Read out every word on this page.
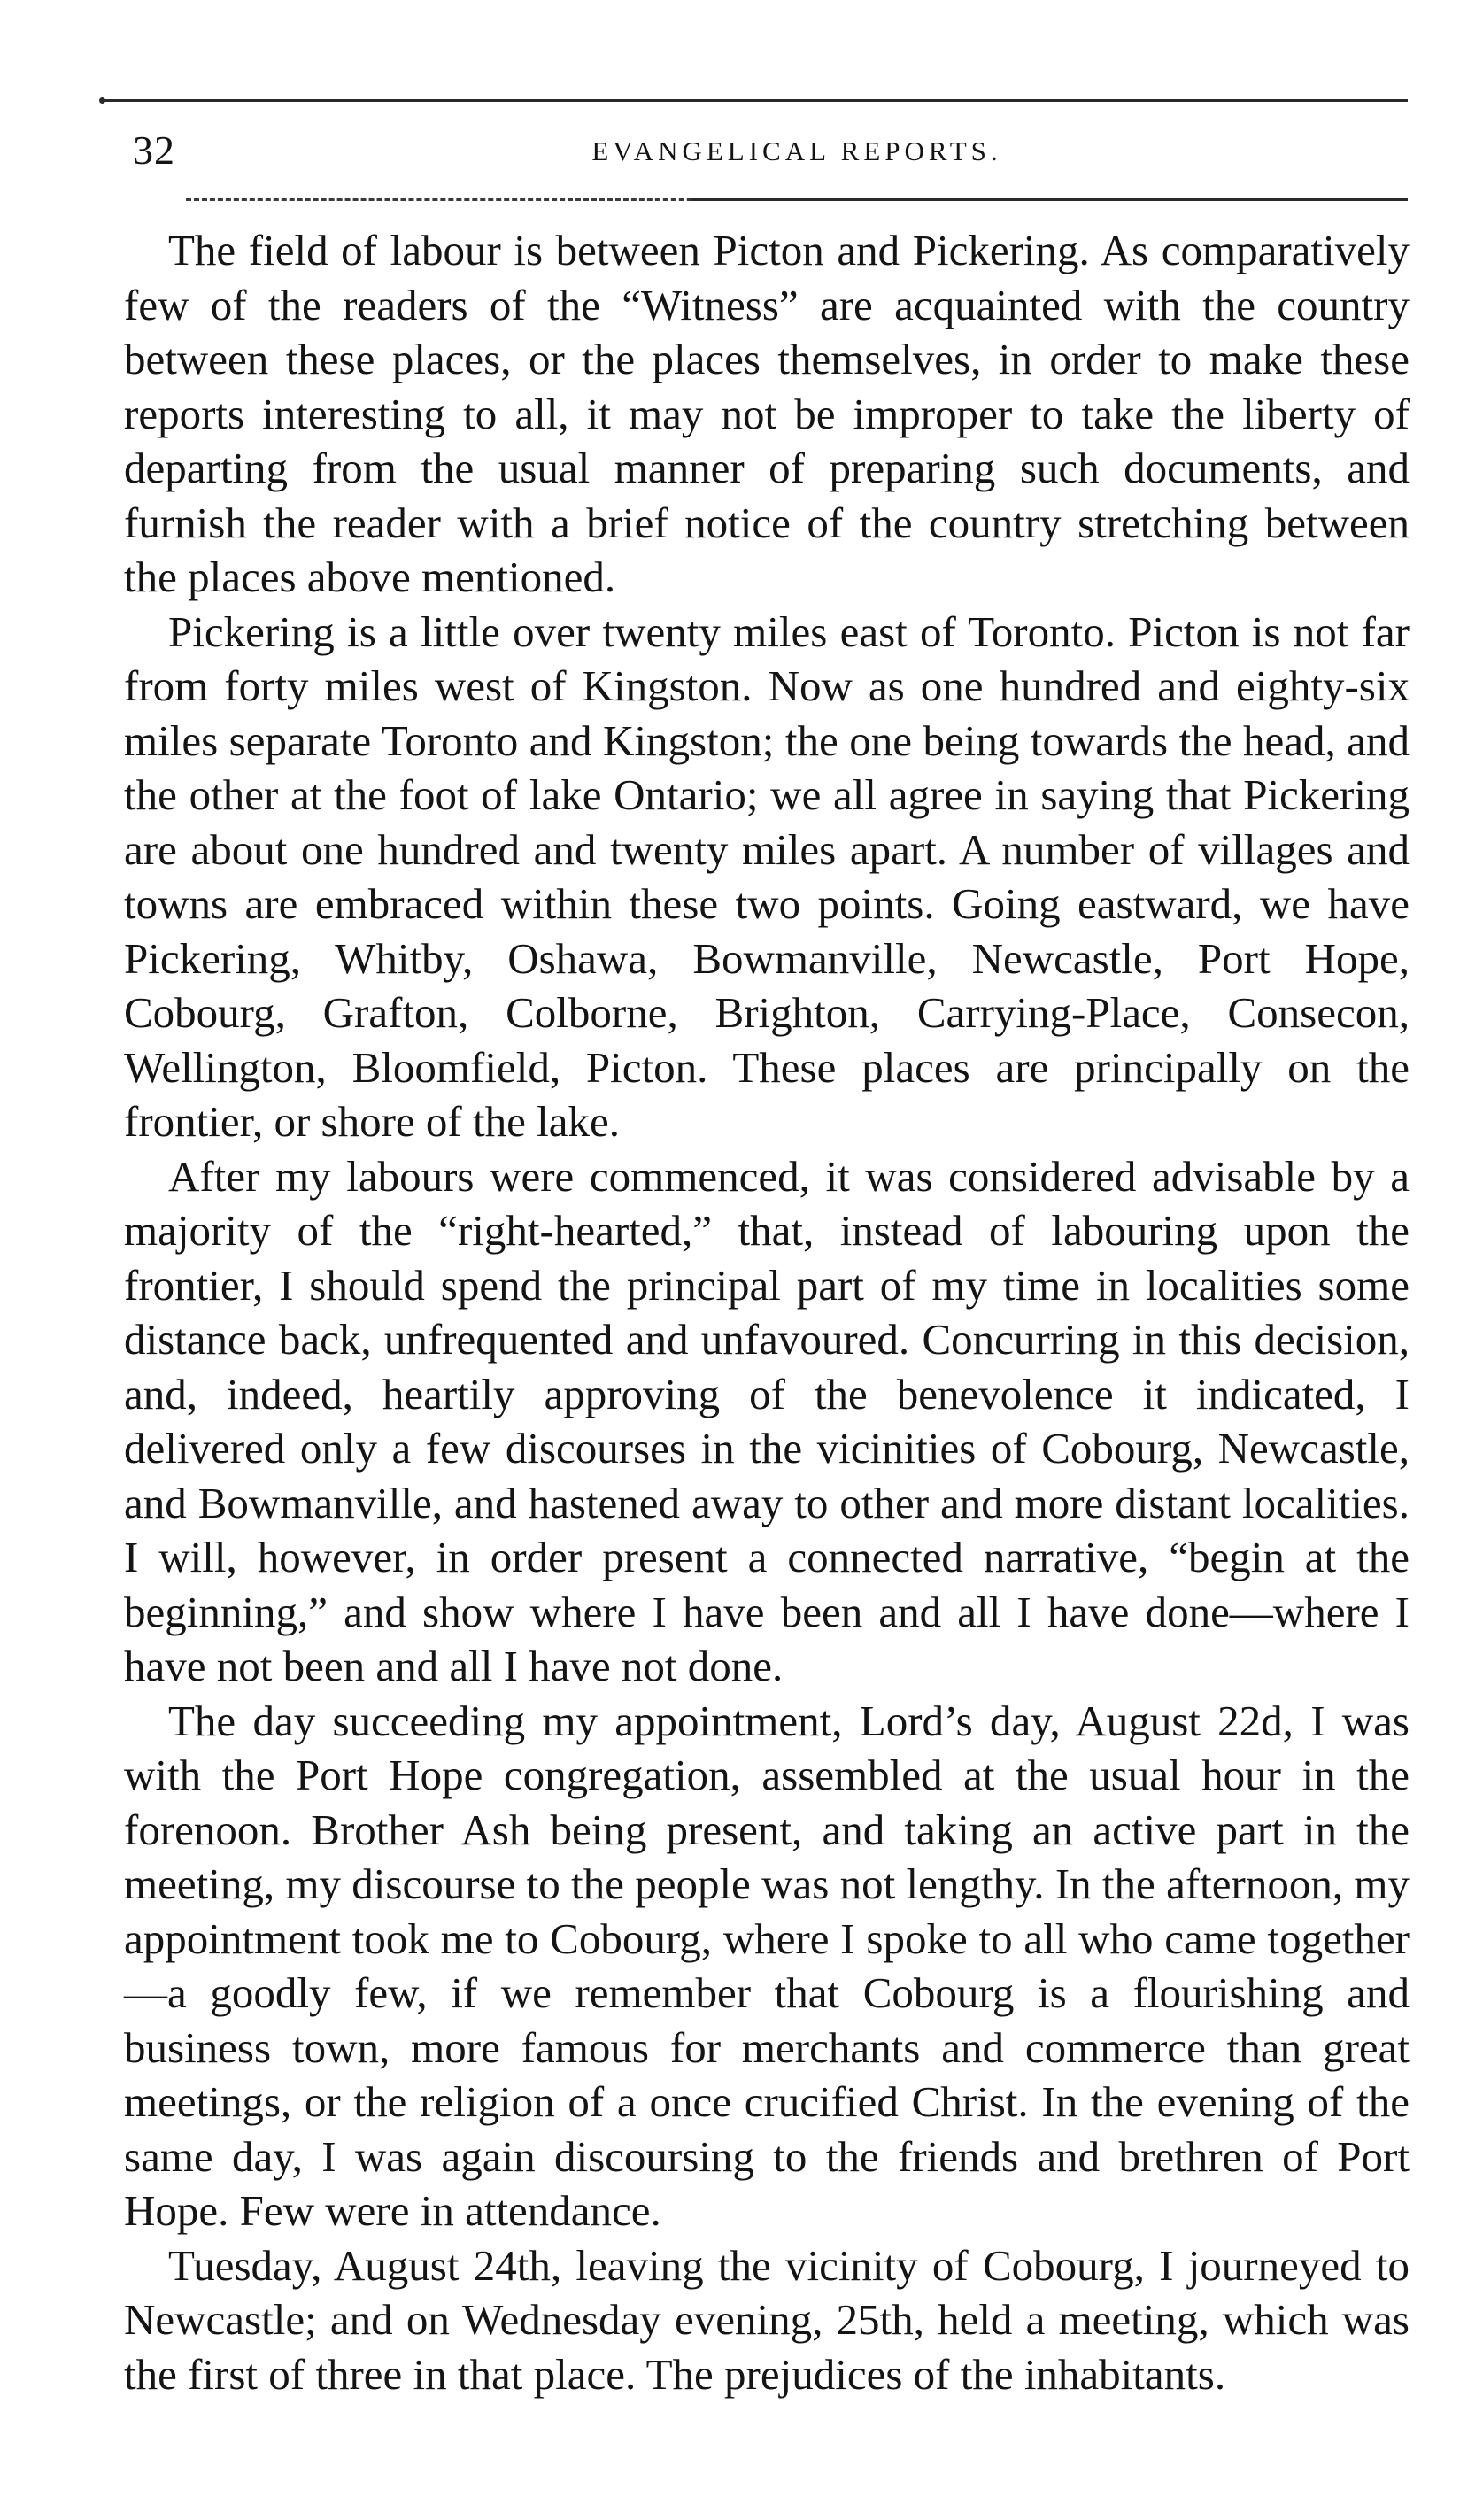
32	EVANGELICAL REPORTS.

The field of labour is between Picton and Pickering. As comparatively few of the readers of the “Witness” are acquainted with the country between these places, or the places themselves, in order to make these reports interesting to all, it may not be improper to take the liberty of departing from the usual manner of preparing such documents, and furnish the reader with a brief notice of the country stretching between the places above mentioned.

Pickering is a little over twenty miles east of Toronto. Picton is not far from forty miles west of Kingston. Now as one hundred and eighty-six miles separate Toronto and Kingston; the one being towards the head, and the other at the foot of lake Ontario; we all agree in saying that Pickering are about one hundred and twenty miles apart. A number of villages and towns are embraced within these two points. Going eastward, we have Pickering, Whitby, Oshawa, Bowmanville, Newcastle, Port Hope, Cobourg, Grafton, Colborne, Brighton, Carrying-Place, Consecon, Wellington, Bloomfield, Picton. These places are principally on the frontier, or shore of the lake.

After my labours were commenced, it was considered advisable by a majority of the “right-hearted,” that, instead of labouring upon the frontier, I should spend the principal part of my time in localities some distance back, unfrequented and unfavoured. Concurring in this decision, and, indeed, heartily approving of the benevolence it indicated, I delivered only a few discourses in the vicinities of Cobourg, Newcastle, and Bowmanville, and hastened away to other and more distant localities. I will, however, in order present a connected narrative, “begin at the beginning,” and show where I have been and all I have done—where I have not been and all I have not done.

The day succeeding my appointment, Lord’s day, August 22d, I was with the Port Hope congregation, assembled at the usual hour in the forenoon. Brother Ash being present, and taking an active part in the meeting, my discourse to the people was not lengthy. In the afternoon, my appointment took me to Cobourg, where I spoke to all who came together—a goodly few, if we remember that Cobourg is a flourishing and business town, more famous for merchants and commerce than great meetings, or the religion of a once crucified Christ. In the evening of the same day, I was again discoursing to the friends and brethren of Port Hope. Few were in attendance.

Tuesday, August 24th, leaving the vicinity of Cobourg, I journeyed to Newcastle; and on Wednesday evening, 25th, held a meeting, which was the first of three in that place. The prejudices of the inhabitants.
